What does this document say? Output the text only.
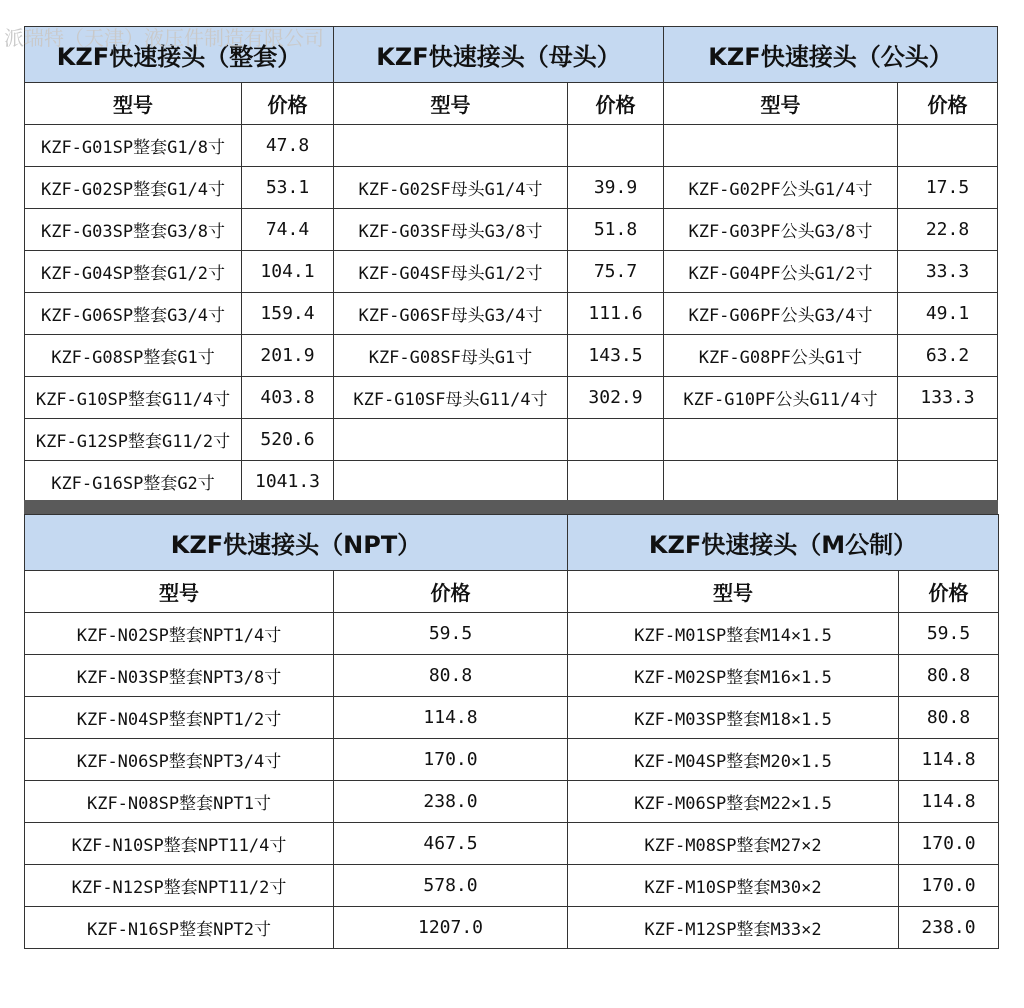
派瑞特（天津）液压件制造有限公司
KZF快速接头（整套）		KZF快速接头（母头）		KZF快速接头（公头）	
型号	价格	型号	价格	型号	价格
KZF-G01SP整套G1/8寸	47.8				
KZF-G02SP整套G1/4寸	53.1	KZF-G02SF母头G1/4寸	39.9	KZF-G02PF公头G1/4寸	17.5
KZF-G03SP整套G3/8寸	74.4	KZF-G03SF母头G3/8寸	51.8	KZF-G03PF公头G3/8寸	22.8
KZF-G04SP整套G1/2寸	104.1	KZF-G04SF母头G1/2寸	75.7	KZF-G04PF公头G1/2寸	33.3
KZF-G06SP整套G3/4寸	159.4	KZF-G06SF母头G3/4寸	111.6	KZF-G06PF公头G3/4寸	49.1
KZF-G08SP整套G1寸	201.9	KZF-G08SF母头G1寸	143.5	KZF-G08PF公头G1寸	63.2
KZF-G10SP整套G11/4寸	403.8	KZF-G10SF母头G11/4寸	302.9	KZF-G10PF公头G11/4寸	133.3
KZF-G12SP整套G11/2寸	520.6				
KZF-G16SP整套G2寸	1041.3				
KZF快速接头（NPT）		KZF快速接头（M公制）	
型号	价格	型号	价格
KZF-N02SP整套NPT1/4寸	59.5	KZF-M01SP整套M14×1.5	59.5
KZF-N03SP整套NPT3/8寸	80.8	KZF-M02SP整套M16×1.5	80.8
KZF-N04SP整套NPT1/2寸	114.8	KZF-M03SP整套M18×1.5	80.8
KZF-N06SP整套NPT3/4寸	170.0	KZF-M04SP整套M20×1.5	114.8
KZF-N08SP整套NPT1寸	238.0	KZF-M06SP整套M22×1.5	114.8
KZF-N10SP整套NPT11/4寸	467.5	KZF-M08SP整套M27×2	170.0
KZF-N12SP整套NPT11/2寸	578.0	KZF-M10SP整套M30×2	170.0
KZF-N16SP整套NPT2寸	1207.0	KZF-M12SP整套M33×2	238.0
